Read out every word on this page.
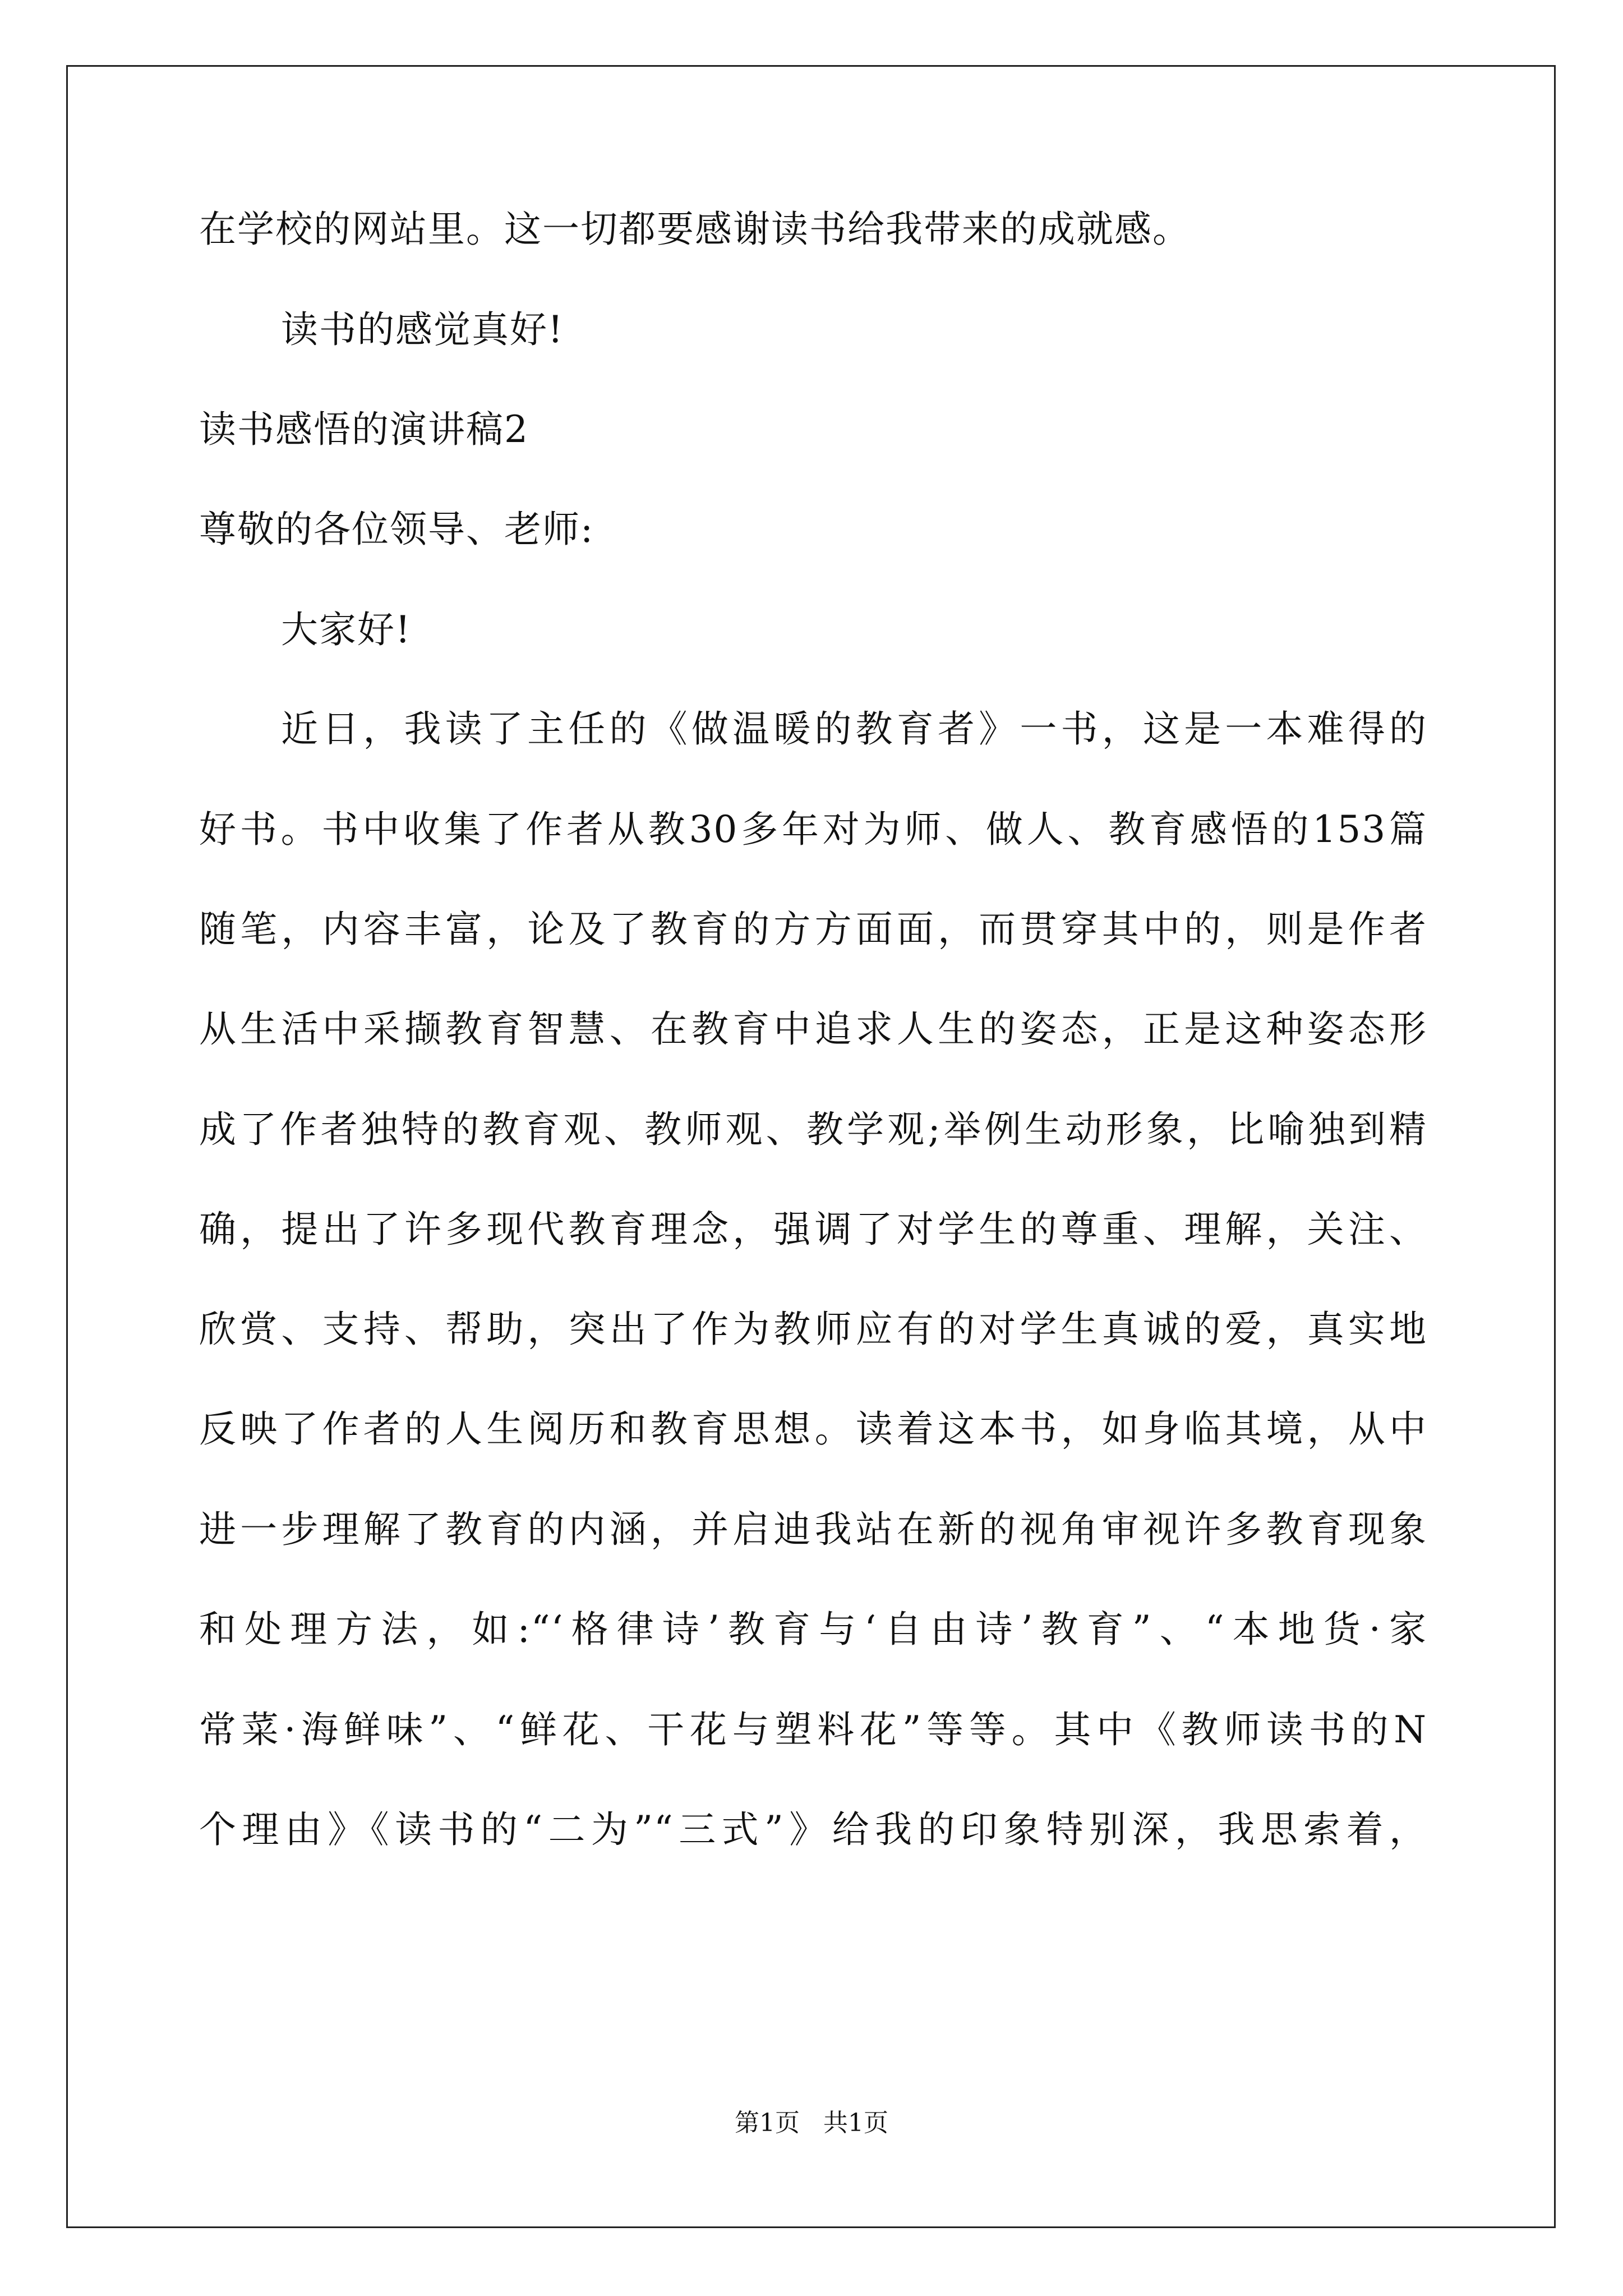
在学校的网站里。这一切都要感谢读书给我带来的成就感。
读书的感觉真好!
读书感悟的演讲稿2
尊敬的各位领导、老师:
大家好!
近日，我读了主任的《做温暖的教育者》一书，这是一本难得的
好书。书中收集了作者从教30多年对为师、做人、教育感悟的153篇
随笔，内容丰富，论及了教育的方方面面，而贯穿其中的，则是作者
从生活中采撷教育智慧、在教育中追求人生的姿态，正是这种姿态形
成了作者独特的教育观、教师观、教学观;举例生动形象，比喻独到精
确，提出了许多现代教育理念，强调了对学生的尊重、理解，关注、
欣赏、支持、帮助，突出了作为教师应有的对学生真诚的爱，真实地
反映了作者的人生阅历和教育思想。读着这本书，如身临其境，从中
进一步理解了教育的内涵，并启迪我站在新的视角审视许多教育现象
和处理方法，如:“‘格律诗’教育与‘自由诗’教育”、“本地货·家
常菜·海鲜味”、“鲜花、干花与塑料花”等等。其中《教师读书的N
个理由》《读书的“二为”“三式”》给我的印象特别深，我思索着，
第1页   共1页
